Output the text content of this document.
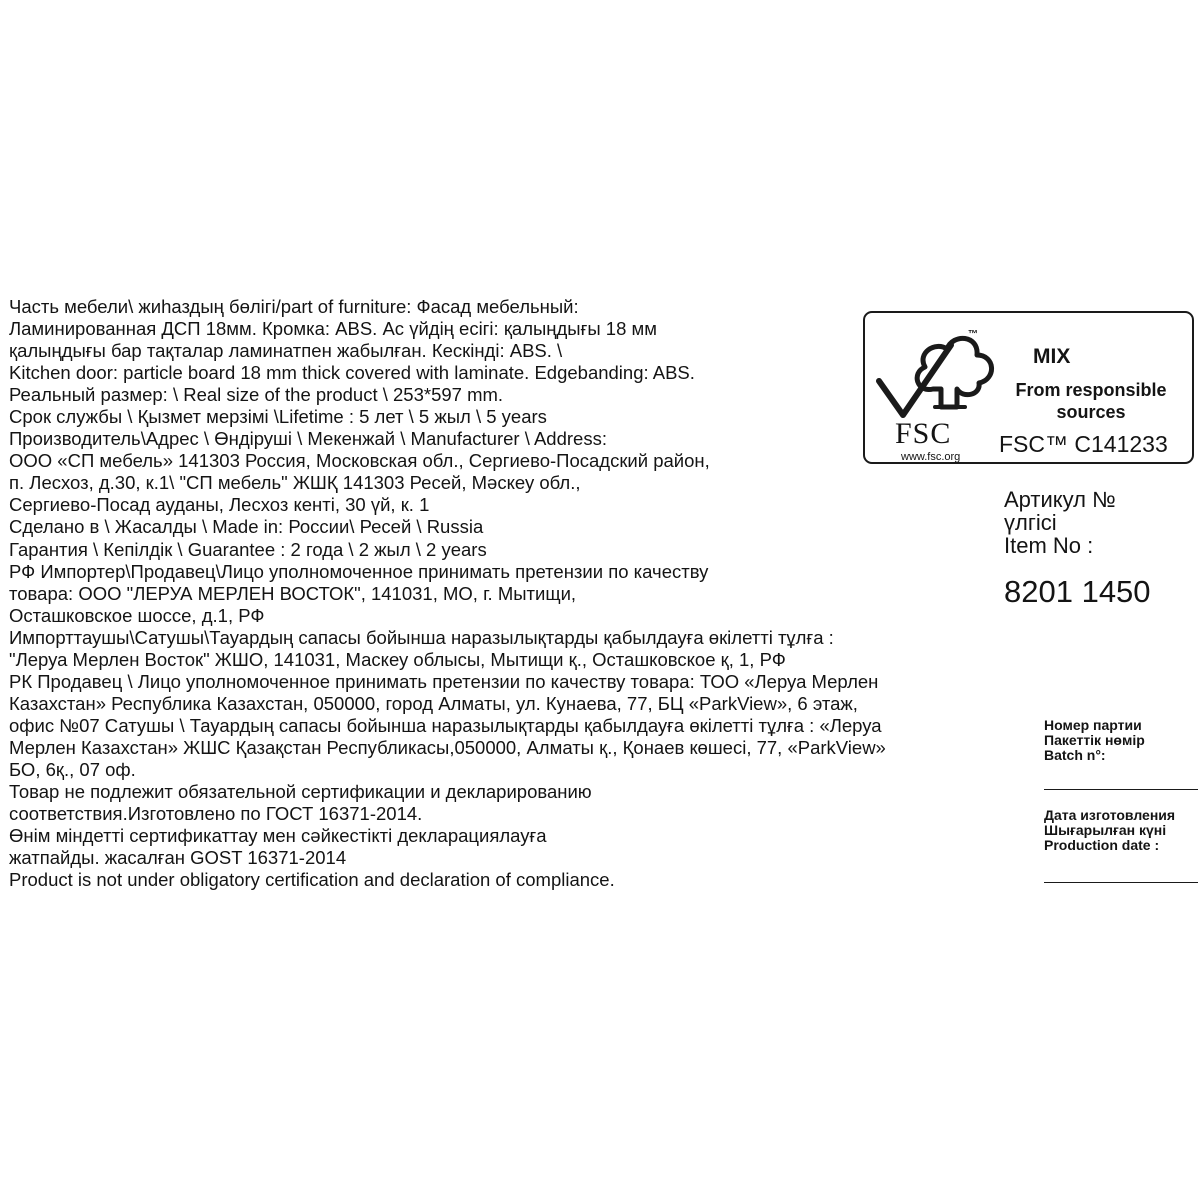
Часть мебели\ жиhаздың бөлігі/part of furniture: Фасад мебельный:
Ламинированная ДСП 18мм. Кромка: ABS. Ас үйдің есігі: қалыңдығы 18 мм
қалыңдығы бар тақталар ламинатпен жабылған. Кескінді: ABS. \
Kitchen door: particle board 18 mm thick covered with laminate. Edgebanding: ABS.
Реальный размер: \ Real size of the product \ 253*597 mm.
Срок службы \ Қызмет мерзімі \Lifetime : 5 лет \ 5 жыл \ 5 years
Производитель\Адрес \ Өндіруші \ Мекенжай \ Manufacturer \ Address:
ООО «СП мебель» 141303 Россия, Московская обл., Сергиево-Посадский район,
п. Лесхоз, д.30, к.1\ "СП мебель" ЖШҚ 141303 Ресей, Мәскеу обл.,
Сергиево-Посад ауданы, Лесхоз кенті, 30 үй, к. 1
Сделано в \ Жасалды \ Made in: России\ Ресей \ Russia
Гарантия \ Кепілдік \ Guarantee : 2 года \ 2 жыл \ 2 years
РФ Импортер\Продавец\Лицо уполномоченное принимать претензии по качеству
товара: ООО "ЛЕРУА МЕРЛЕН ВОСТОК", 141031, МО, г. Мытищи,
Осташковское шоссе, д.1, РФ
Импорттаушы\Сатушы\Тауардың сапасы бойынша наразылықтарды қабылдауға өкілетті тұлға :
"Леруа Мерлен Восток" ЖШО, 141031, Маскеу облысы, Мытищи қ., Осташковское қ, 1, РФ
РК Продавец \ Лицо уполномоченное принимать претензии по качеству товара: ТОО «Леруа Мерлен
Казахстан» Республика Казахстан, 050000, город Алматы, ул. Кунаева, 77, БЦ «ParkView», 6 этаж,
офис №07 Сатушы \ Тауардың сапасы бойынша наразылықтарды қабылдауға өкілетті тұлға : «Леруа
Мерлен Казахстан» ЖШС Қазақстан Республикасы,050000, Алматы қ., Қонаев көшесі, 77, «ParkView»
БО, 6қ., 07 оф.
Товар не подлежит обязательной сертификации и декларированию
соответствия.Изготовлено по ГОСТ 16371-2014.
Өнім міндетті сертификаттау мен сәйкестікті декларациялауға
жатпайды. жасалған GOST 16371-2014
Product is not under obligatory certification and declaration of compliance.
™
FSC
www.fsc.org
MIX
From responsible sources
FSC™ C141233
Артикул №
үлгісі
Item No :
8201 1450
Номер партии
Пакеттік нөмір
Batch n°:
Дата изготовления
Шығарылған күні
Production date :
